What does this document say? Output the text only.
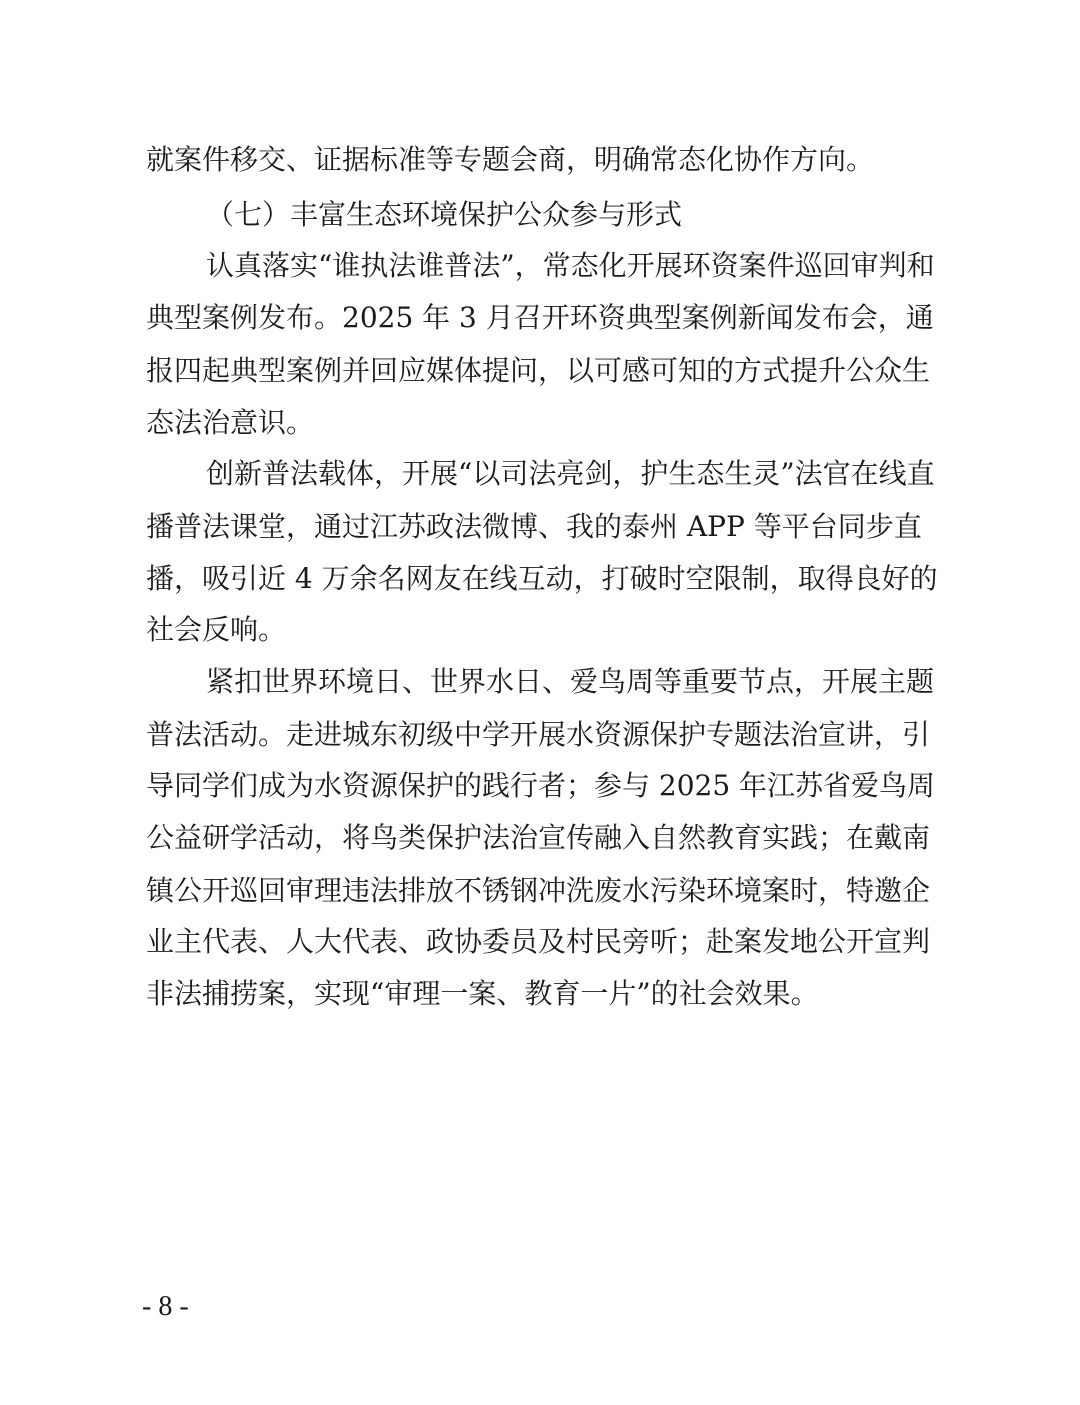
就案件移交、证据标准等专题会商，明确常态化协作方向。
（七）丰富生态环境保护公众参与形式
认真落实“谁执法谁普法”，常态化开展环资案件巡回审判和
典型案例发布。2025 年 3 月召开环资典型案例新闻发布会，通
报四起典型案例并回应媒体提问，以可感可知的方式提升公众生
态法治意识。
创新普法载体，开展“以司法亮剑，护生态生灵”法官在线直
播普法课堂，通过江苏政法微博、我的泰州 APP 等平台同步直
播，吸引近 4 万余名网友在线互动，打破时空限制，取得良好的
社会反响。
紧扣世界环境日、世界水日、爱鸟周等重要节点，开展主题
普法活动。走进城东初级中学开展水资源保护专题法治宣讲，引
导同学们成为水资源保护的践行者；参与 2025 年江苏省爱鸟周
公益研学活动，将鸟类保护法治宣传融入自然教育实践；在戴南
镇公开巡回审理违法排放不锈钢冲洗废水污染环境案时，特邀企
业主代表、人大代表、政协委员及村民旁听；赴案发地公开宣判
非法捕捞案，实现“审理一案、教育一片”的社会效果。
- 8 -
